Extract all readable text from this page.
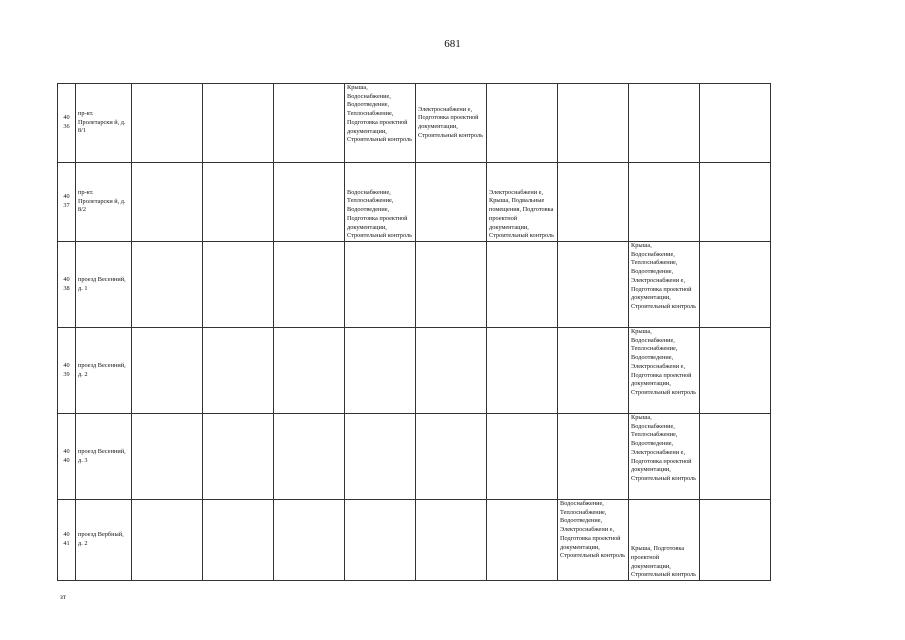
681
40
36	пр-кт. Пролетарски й, д. 8/1				Крыша, Водоснабжение, Водоотведение, Теплоснабжение, Подготовка проектной документации, Строительный контроль	Электроснабжени е, Подготовка проектной документации, Строительный контроль				

40
37	пр-кт. Пролетарски й, д. 8/2				Водоснабжение, Теплоснабжение, Водоотведение, Подготовка проектной документации, Строительный контроль		Электроснабжени е, Крыша, Подвальные помещения, Подготовка проектной документации, Строительный контроль			

40
38	проезд Весенний, д. 1								Крыша, Водоснабжение, Теплоснабжение, Водоотведение, Электроснабжени е, Подготовка проектной документации, Строительный контроль	

40
39	проезд Весенний, д. 2								Крыша, Водоснабжение, Теплоснабжение, Водоотведение, Электроснабжени е, Подготовка проектной документации, Строительный контроль	

40
40	проезд Весенний, д. 3								Крыша, Водоснабжение, Теплоснабжение, Водоотведение, Электроснабжени е, Подготовка проектной документации, Строительный контроль	

40
41	проезд Вербный, д. 2							Водоснабжение, Теплоснабжение, Водоотведение, Электроснабжени е, Подготовка проектной документации, Строительный контроль	Крыша, Подготовка проектной документации, Строительный контроль	
зт
